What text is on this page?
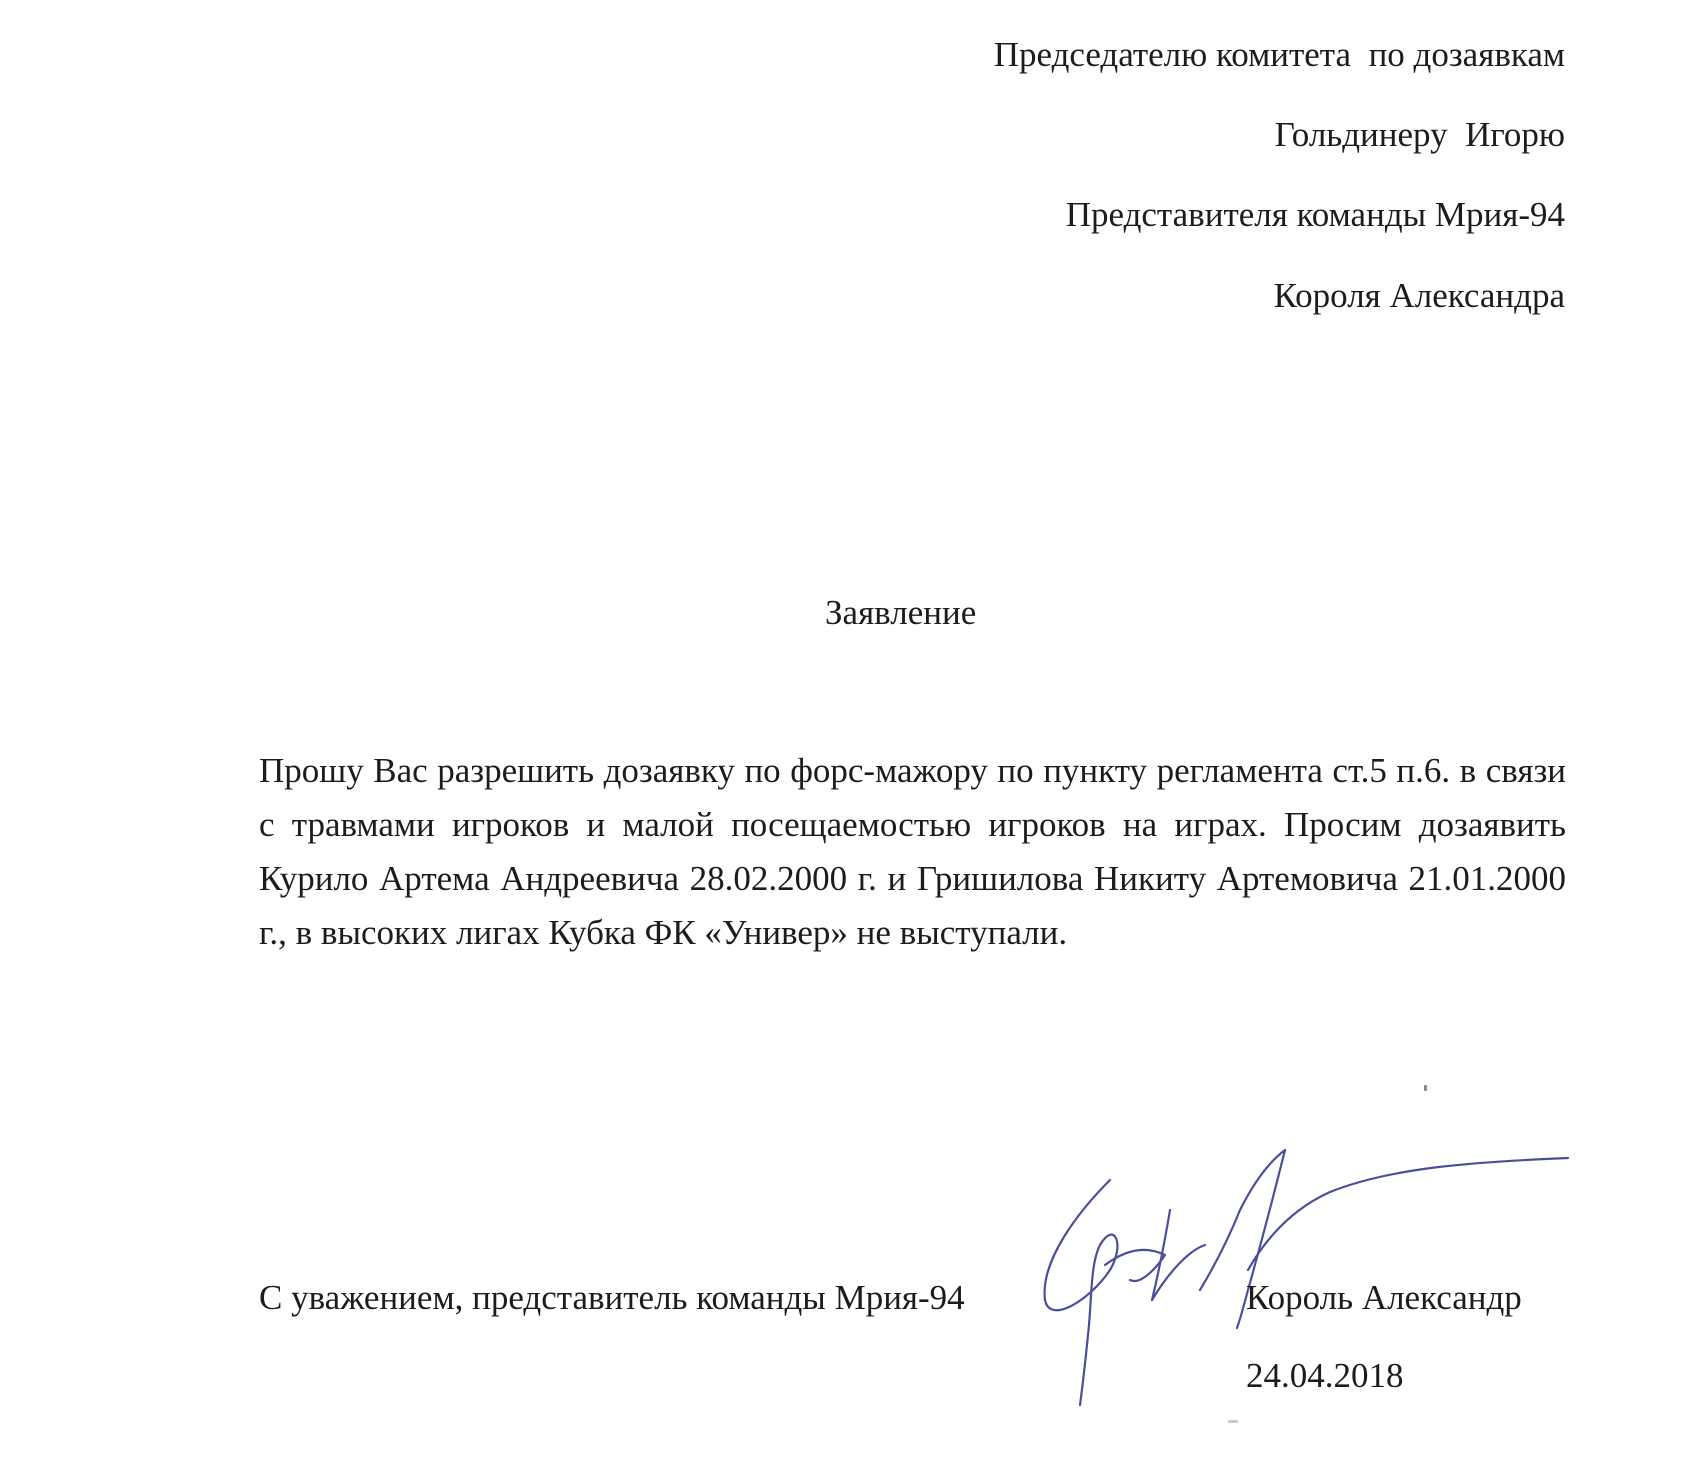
Председателю комитета  по дозаявкам
Гольдинеру  Игорю
Представителя команды Мрия-94
Короля Александра
Заявление

Прошу Вас разрешить дозаявку по форс-мажору по пункту регламента ст.5 п.6. в связи с травмами игроков и малой посещаемостью игроков на играх. Просим дозаявить Курило Артема Андреевича 28.02.2000 г. и Гришилова Никиту Артемовича 21.01.2000 г., в высоких лигах Кубка ФК «Универ» не выступали.

С уважением, представитель команды Мрия-94	Король Александр
24.04.2018
